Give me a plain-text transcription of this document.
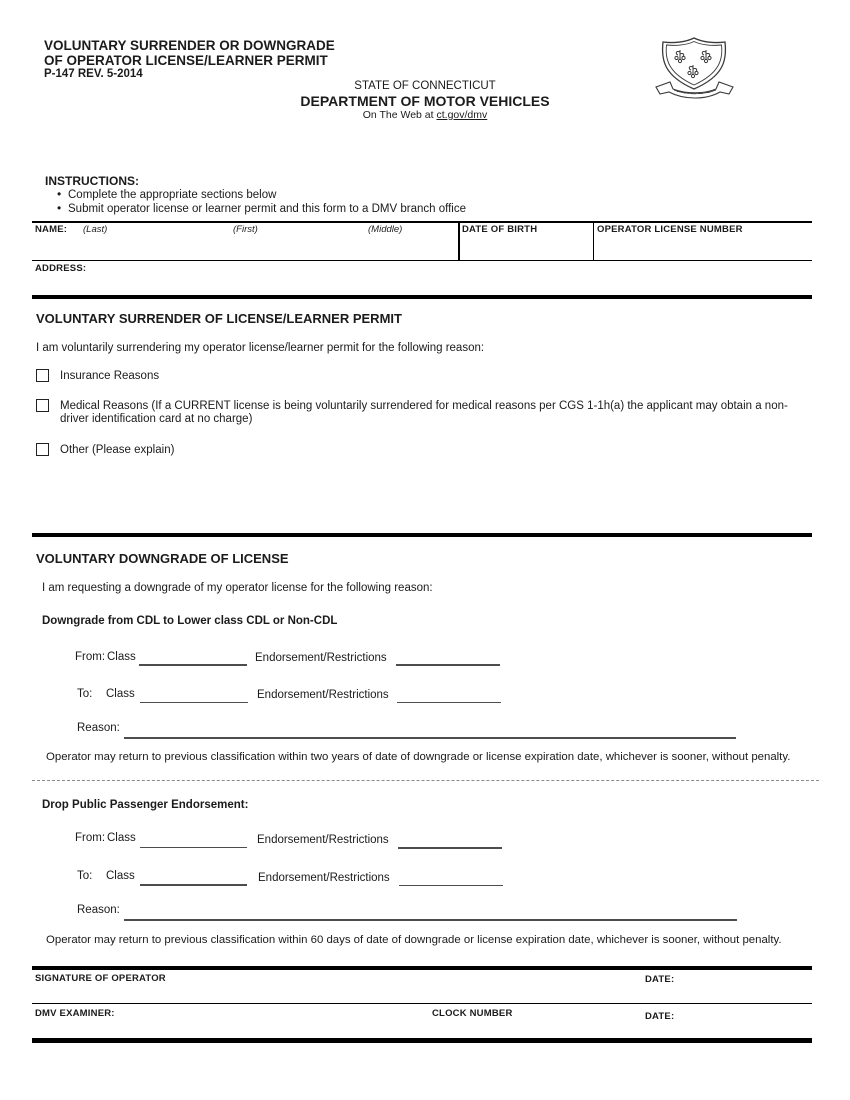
VOLUNTARY SURRENDER OR DOWNGRADE
OF OPERATOR LICENSE/LEARNER PERMIT
P-147 REV. 5-2014
STATE OF CONNECTICUT
DEPARTMENT OF MOTOR VEHICLES
On The Web at ct.gov/dmv
INSTRUCTIONS:
• Complete the appropriate sections below
• Submit operator license or learner permit and this form to a DMV branch office
NAME: (Last)	(First)	(Middle)	DATE OF BIRTH	OPERATOR LICENSE NUMBER
ADDRESS:
VOLUNTARY SURRENDER OF LICENSE/LEARNER PERMIT
I am voluntarily surrendering my operator license/learner permit for the following reason:
Insurance Reasons
Medical Reasons (If a CURRENT license is being voluntarily surrendered for medical reasons per CGS 1-1h(a) the applicant may obtain a non-driver identification card at no charge)
Other (Please explain)
VOLUNTARY DOWNGRADE OF LICENSE
I am requesting a downgrade of my operator license for the following reason:
Downgrade from CDL to Lower class CDL or Non-CDL
From: Class	Endorsement/Restrictions
To: Class	Endorsement/Restrictions
Reason:
Operator may return to previous classification within two years of date of downgrade or license expiration date, whichever is sooner, without penalty.
Drop Public Passenger Endorsement:
From: Class	Endorsement/Restrictions
To: Class	Endorsement/Restrictions
Reason:
Operator may return to previous classification within 60 days of date of downgrade or license expiration date, whichever is sooner, without penalty.
SIGNATURE OF OPERATOR	DATE:
DMV EXAMINER:	CLOCK NUMBER	DATE:
